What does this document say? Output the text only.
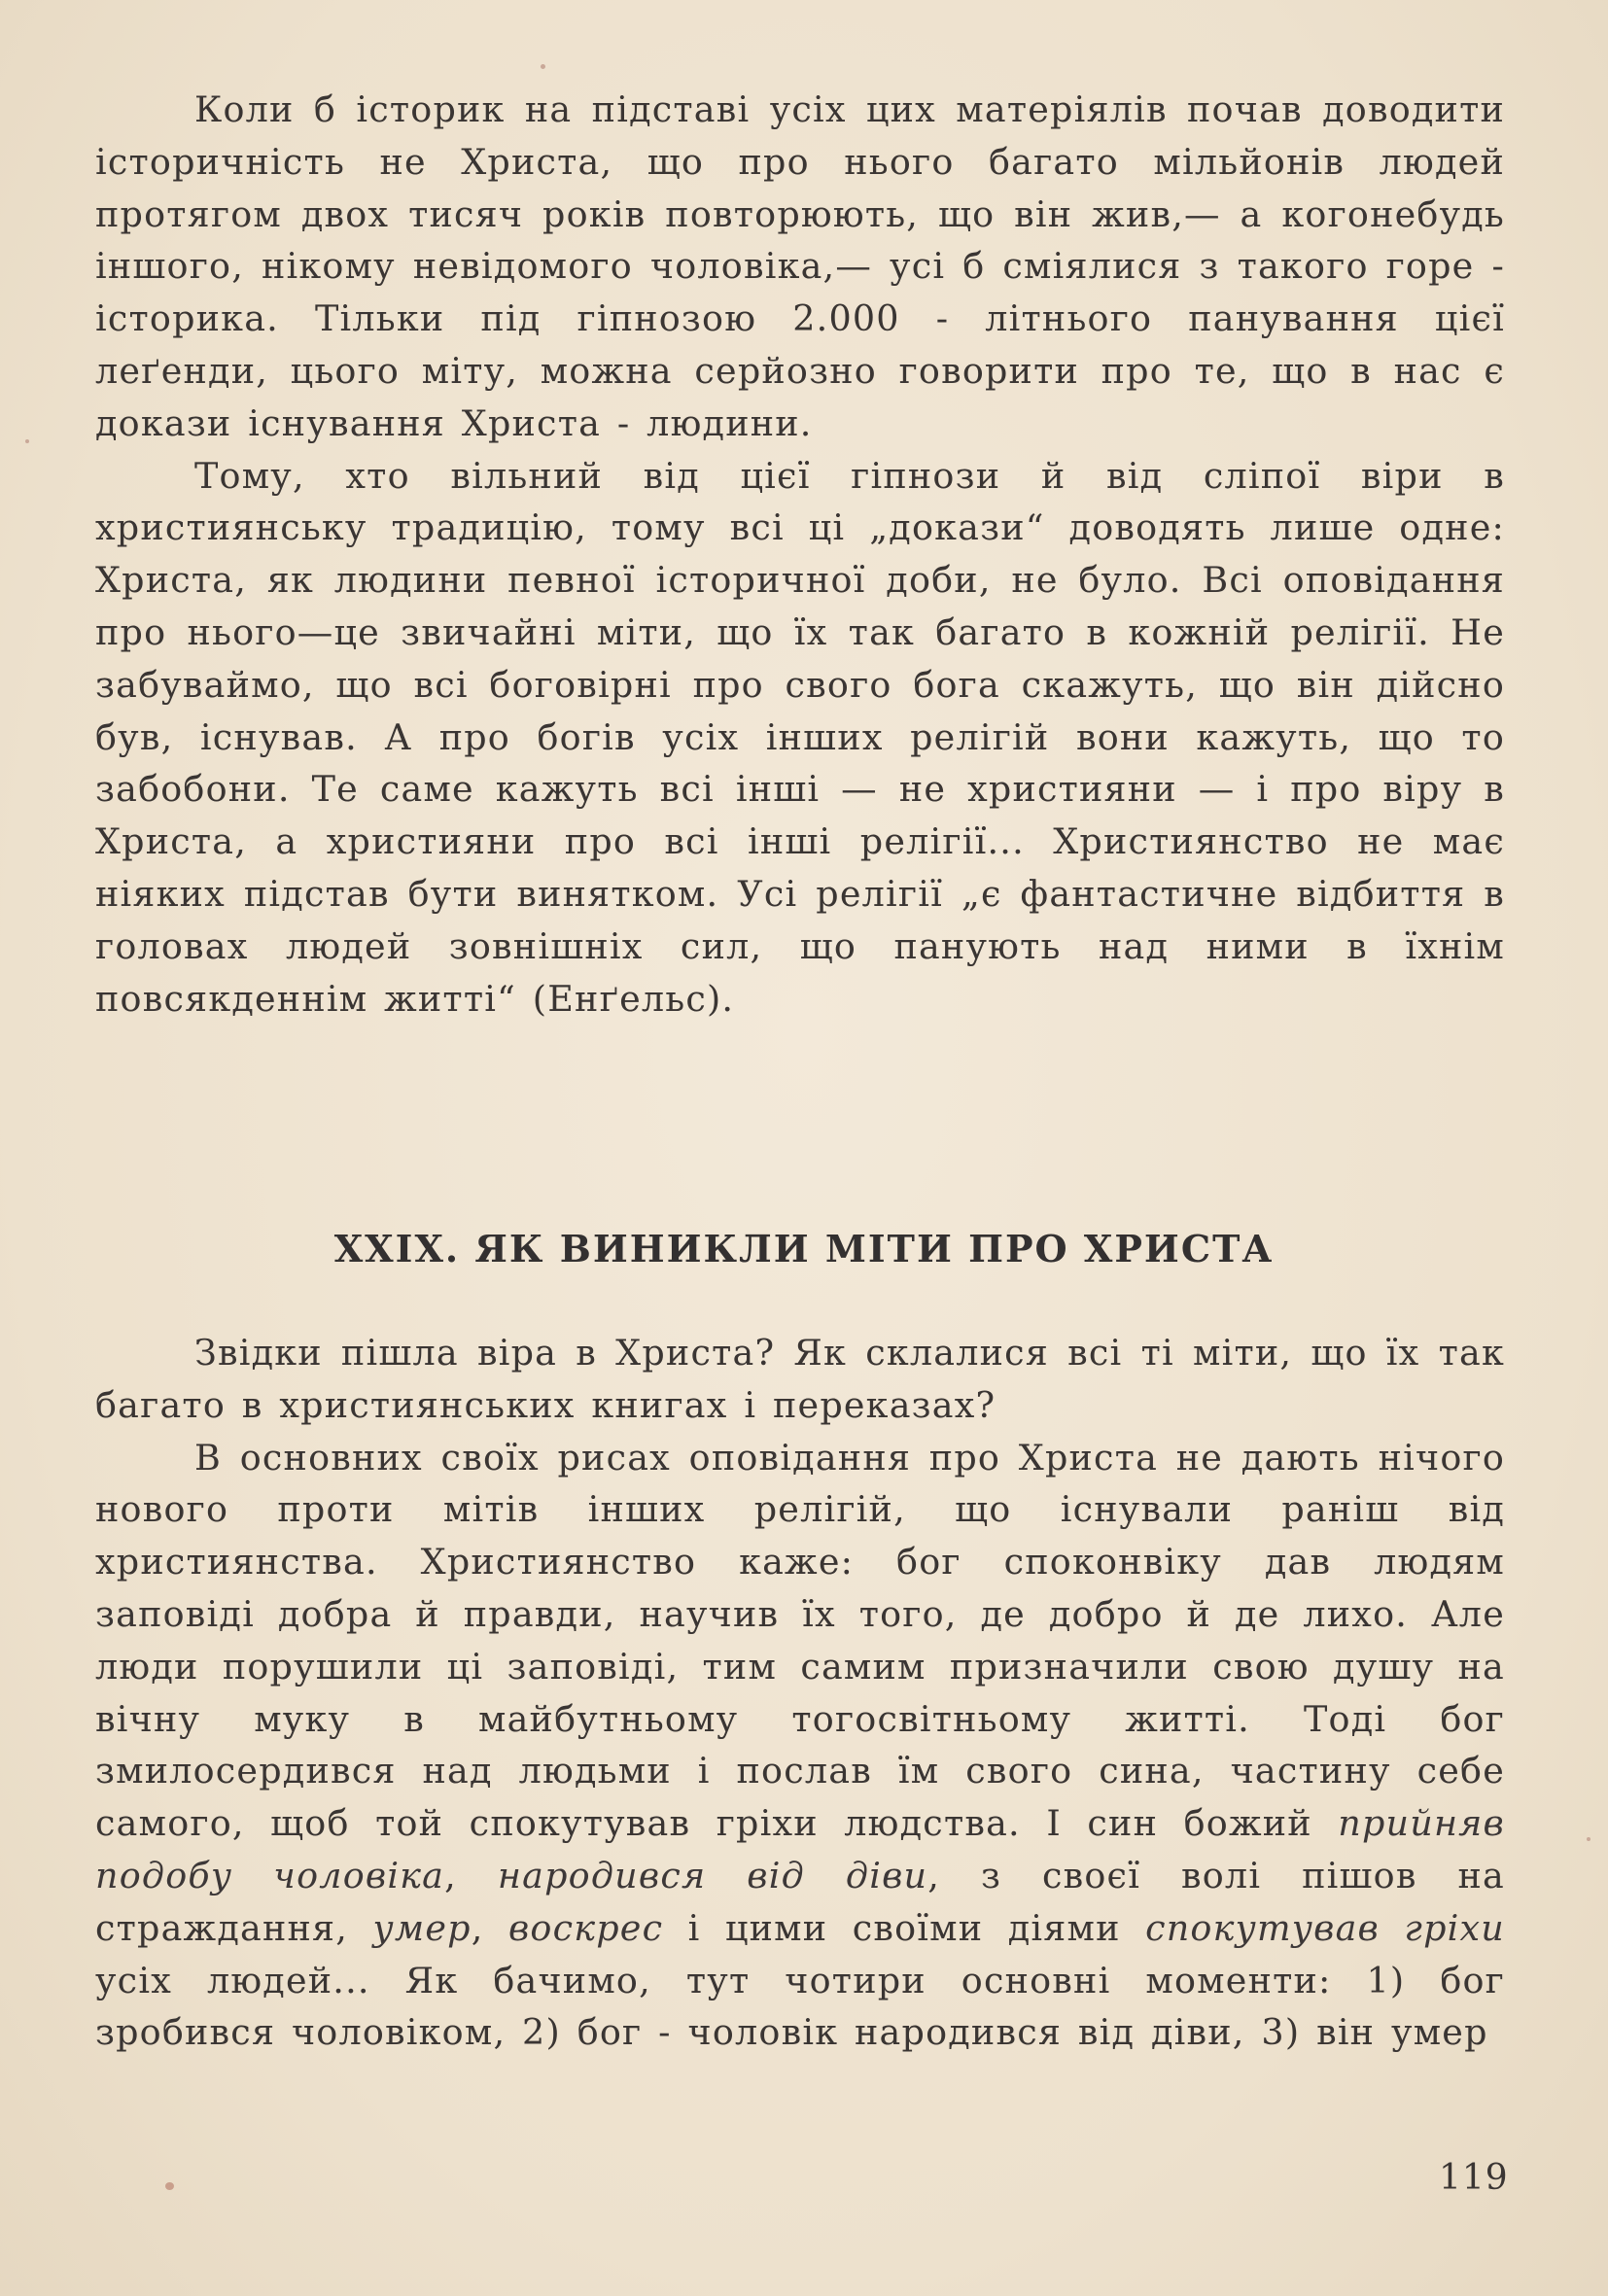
Коли б історик на підставі усіх цих матеріялів почав доводити історичність не Христа, що про нього багато мільйонів людей протягом двох тисяч років повторюють, що він жив,— а когонебудь іншого, нікому невідомого чоловіка,— усі б сміялися з такого горе - історика. Тільки під гіпнозою 2.000 - літнього панування цієї леґенди, цього міту, можна серйозно говорити про те, що в нас є докази існування Христа - людини.

Тому, хто вільний від цієї гіпнози й від сліпої віри в християнську традицію, тому всі ці „докази“ доводять лише одне: Христа, як людини певної історичної доби, не було. Всі оповідання про нього—це звичайні міти, що їх так багато в кожній релігії. Не забуваймо, що всі боговірні про свого бога скажуть, що він дійсно був, існував. А про богів усіх інших релігій вони кажуть, що то забобони. Те саме кажуть всі інші — не християни — і про віру в Христа, а християни про всі інші релігії... Християнство не має ніяких підстав бути винятком. Усі релігії „є фантастичне відбиття в головах людей зовнішніх сил, що панують над ними в їхнім повсякденнім житті“ (Енґельс).

XXIX. ЯК ВИНИКЛИ МІТИ ПРО ХРИСТА

Звідки пішла віра в Христа? Як склалися всі ті міти, що їх так багато в християнських книгах і переказах?

В основних своїх рисах оповідання про Христа не дають нічого нового проти мітів інших релігій, що існували раніш від християнства. Християнство каже: бог споконвіку дав людям заповіді добра й правди, научив їх того, де добро й де лихо. Але люди порушили ці заповіді, тим самим призначили свою душу на вічну муку в майбутньому тогосвітньому житті. Тоді бог змилосердився над людьми і послав їм свого сина, частину себе самого, щоб той спокутував гріхи людства. І син божий прийняв подобу чоловіка, народився від діви, з своєї волі пішов на страждання, умер, воскрес і цими своїми діями спокутував гріхи усіх людей... Як бачимо, тут чотири основні моменти: 1) бог зробився чоловіком, 2) бог - чоловік народився від діви, 3) він умер

119
